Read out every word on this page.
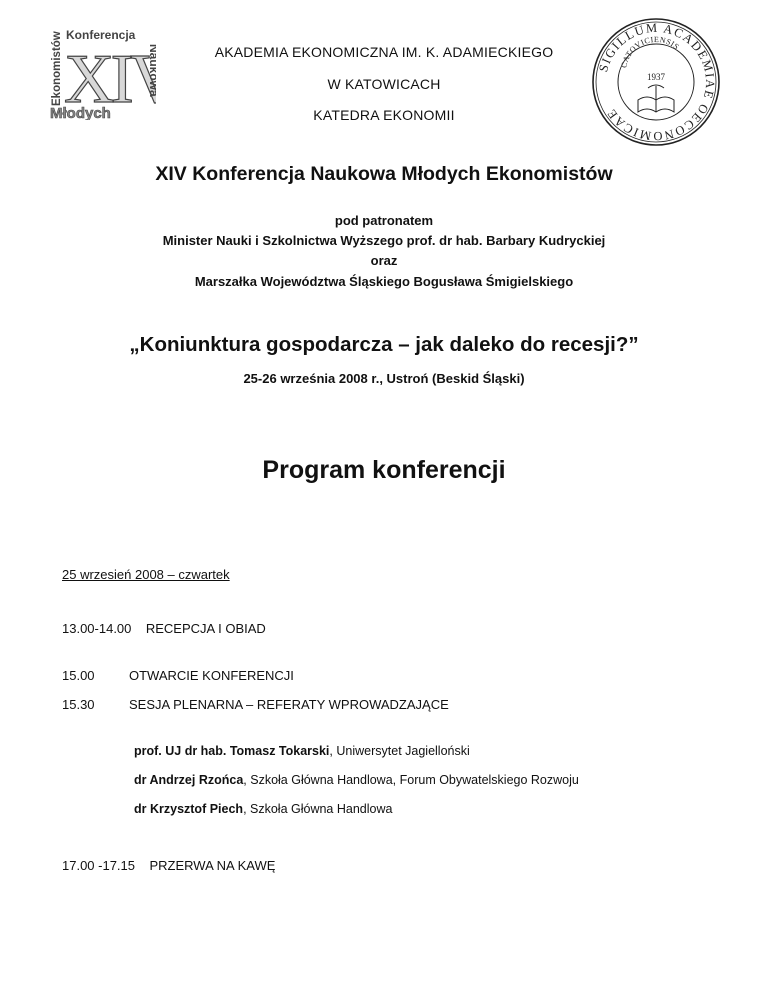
Konferencja
Ekonomistów XIV
Naukowa
Młodych
SIGILLUM ACADEMIAE OECONOMICAE
CATOVICIENSIS
1937
AKADEMIA EKONOMICZNA IM. K. ADAMIECKIEGO
W KATOWICACH
KATEDRA EKONOMII
XIV Konferencja Naukowa Młodych Ekonomistów
pod patronatem
Minister Nauki i Szkolnictwa Wyższego prof. dr hab. Barbary Kudryckiej
oraz
Marszałka Województwa Śląskiego Bogusława Śmigielskiego
„Koniunktura gospodarcza – jak daleko do recesji?”
25-26 września 2008 r., Ustroń (Beskid Śląski)
Program konferencji
25 wrzesień 2008 – czwartek
13.00-14.00 RECEPCJA I OBIAD
15.00	OTWARCIE KONFERENCJI
15.30	SESJA PLENARNA – REFERATY WPROWADZAJĄCE
prof. UJ dr hab. Tomasz Tokarski, Uniwersytet Jagielloński
dr Andrzej Rzońca, Szkoła Główna Handlowa, Forum Obywatelskiego Rozwoju
dr Krzysztof Piech, Szkoła Główna Handlowa
17.00 -17.15 PRZERWA NA KAWĘ
